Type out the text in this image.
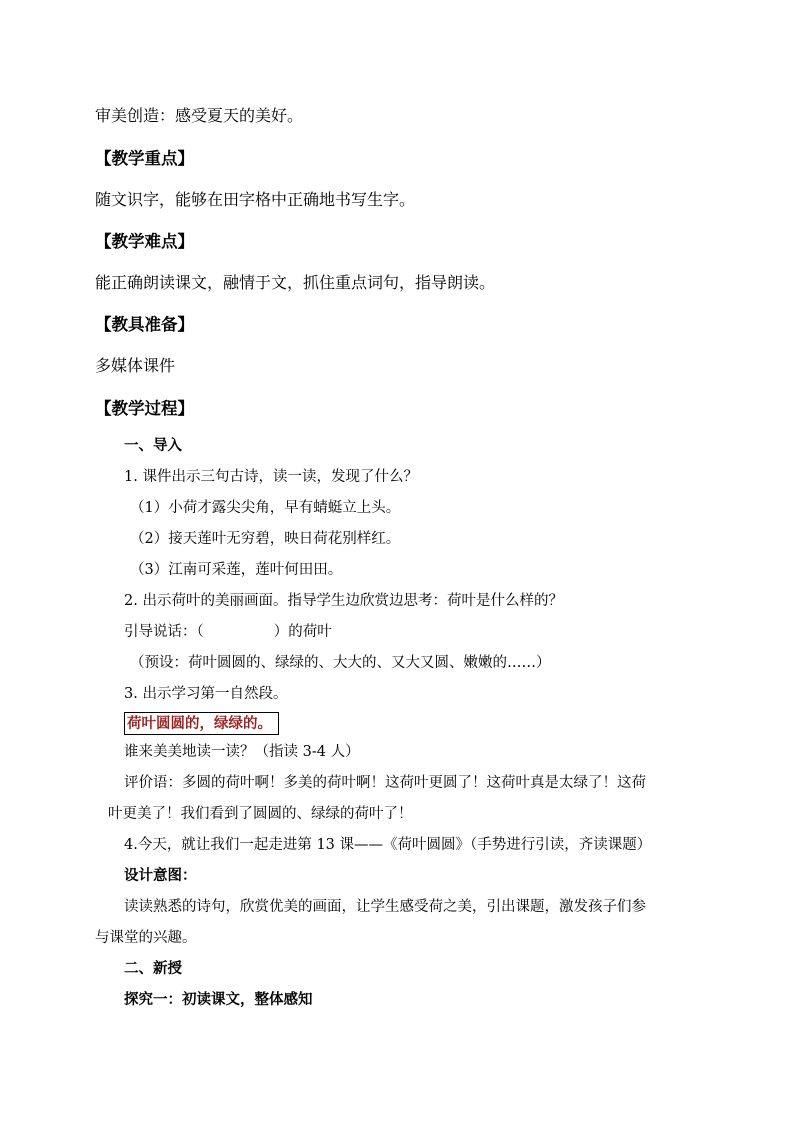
审美创造：感受夏天的美好。
【教学重点】
随文识字，能够在田字格中正确地书写生字。
【教学难点】
能正确朗读课文，融情于文，抓住重点词句，指导朗读。
【教具准备】
多媒体课件
【教学过程】
一、导入
1. 课件出示三句古诗，读一读，发现了什么？
（1）小荷才露尖尖角，早有蜻蜓立上头。
（2）接天莲叶无穷碧，映日荷花别样红。
（3）江南可采莲，莲叶何田田。
2. 出示荷叶的美丽画面。指导学生边欣赏边思考：荷叶是什么样的？
引导说话：（	）的荷叶
（预设：荷叶圆圆的、绿绿的、大大的、又大又圆、嫩嫩的……）
3. 出示学习第一自然段。
荷叶圆圆的，绿绿的。
谁来美美地读一读？（指读 3-4 人）
评价语：多圆的荷叶啊！多美的荷叶啊！这荷叶更圆了！这荷叶真是太绿了！这荷
叶更美了！我们看到了圆圆的、绿绿的荷叶了！
4.今天，就让我们一起走进第 13 课——《荷叶圆圆》（手势进行引读，齐读课题）
设计意图：
读读熟悉的诗句，欣赏优美的画面，让学生感受荷之美，引出课题，激发孩子们参
与课堂的兴趣。
二、新授
探究一：初读课文，整体感知
